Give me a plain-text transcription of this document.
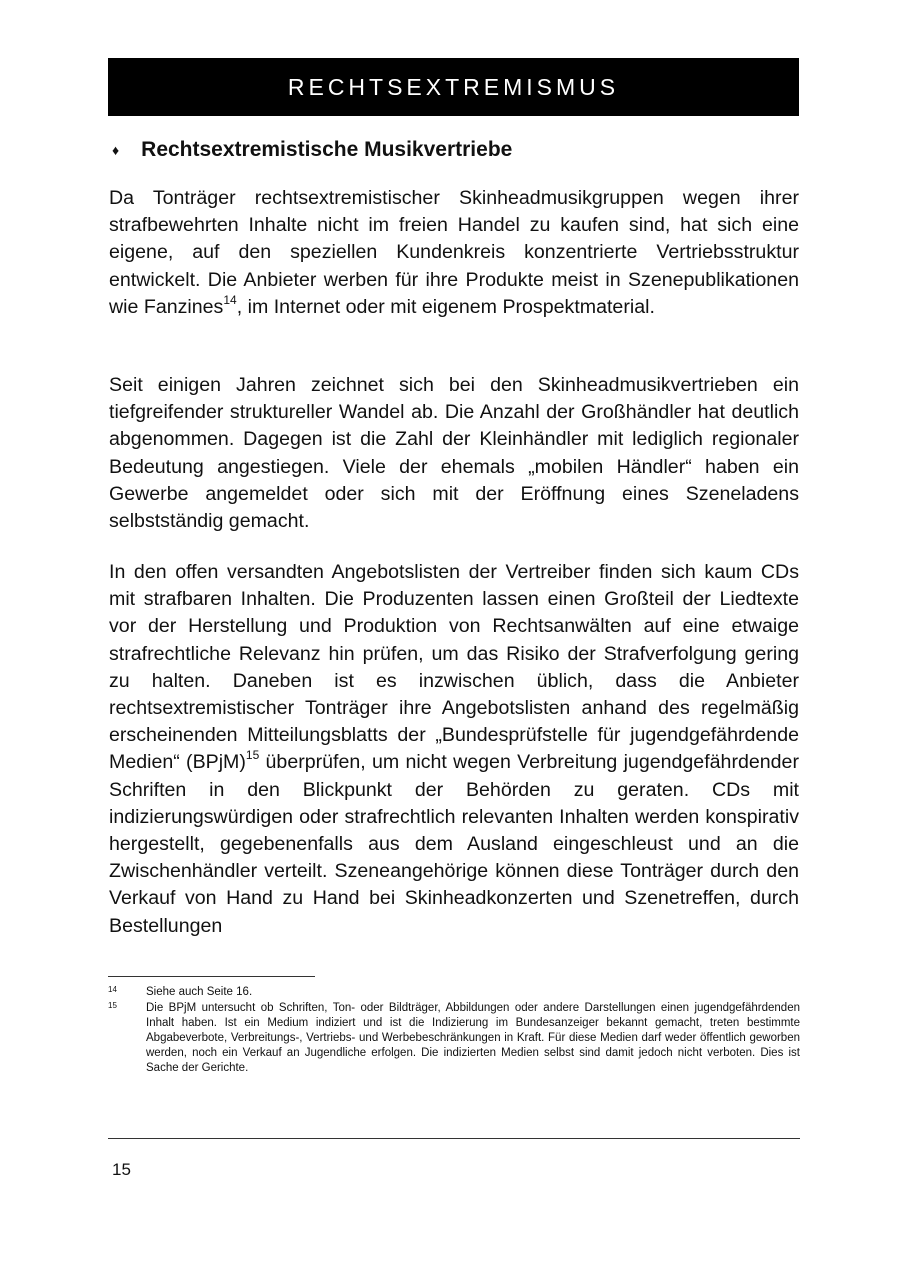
RECHTSEXTREMISMUS
♦ Rechtsextremistische Musikvertriebe

Da Tonträger rechtsextremistischer Skinheadmusikgruppen wegen ihrer strafbewehrten Inhalte nicht im freien Handel zu kaufen sind, hat sich eine eigene, auf den speziellen Kundenkreis konzentrierte Vertriebsstruktur entwickelt. Die Anbieter werben für ihre Produkte meist in Szenepublikationen wie Fanzines$^{14}$, im Internet oder mit eigenem Prospektmaterial.

Seit einigen Jahren zeichnet sich bei den Skinheadmusikvertrieben ein tiefgreifender struktureller Wandel ab. Die Anzahl der Großhändler hat deutlich abgenommen. Dagegen ist die Zahl der Kleinhändler mit lediglich regionaler Bedeutung angestiegen. Viele der ehemals „mobilen Händler“ haben ein Gewerbe angemeldet oder sich mit der Eröffnung eines Szeneladens selbstständig gemacht.

In den offen versandten Angebotslisten der Vertreiber finden sich kaum CDs mit strafbaren Inhalten. Die Produzenten lassen einen Großteil der Liedtexte vor der Herstellung und Produktion von Rechtsanwälten auf eine etwaige strafrechtliche Relevanz hin prüfen, um das Risiko der Strafverfolgung gering zu halten. Daneben ist es inzwischen üblich, dass die Anbieter rechtsextremistischer Tonträger ihre Angebotslisten anhand des regelmäßig erscheinenden Mitteilungsblatts der „Bundesprüfstelle für jugendgefährdende Medien“ (BPjM)$^{15}$ überprüfen, um nicht wegen Verbreitung jugendgefährdender Schriften in den Blickpunkt der Behörden zu geraten. CDs mit indizierungswürdigen oder strafrechtlich relevanten Inhalten werden konspirativ hergestellt, gegebenenfalls aus dem Ausland eingeschleust und an die Zwischenhändler verteilt. Szeneangehörige können diese Tonträger durch den Verkauf von Hand zu Hand bei Skinheadkonzerten und Szenetreffen, durch Bestellungen

14	Siehe auch Seite 16.
15	Die BPjM untersucht ob Schriften, Ton- oder Bildträger, Abbildungen oder andere Darstellungen einen jugendgefährdenden Inhalt haben. Ist ein Medium indiziert und ist die Indizierung im Bundesanzeiger bekannt gemacht, treten bestimmte Abgabeverbote, Verbreitungs-, Vertriebs- und Werbebeschränkungen in Kraft. Für diese Medien darf weder öffentlich geworben werden, noch ein Verkauf an Jugendliche erfolgen. Die indizierten Medien selbst sind damit jedoch nicht verboten. Dies ist Sache der Gerichte.
15
